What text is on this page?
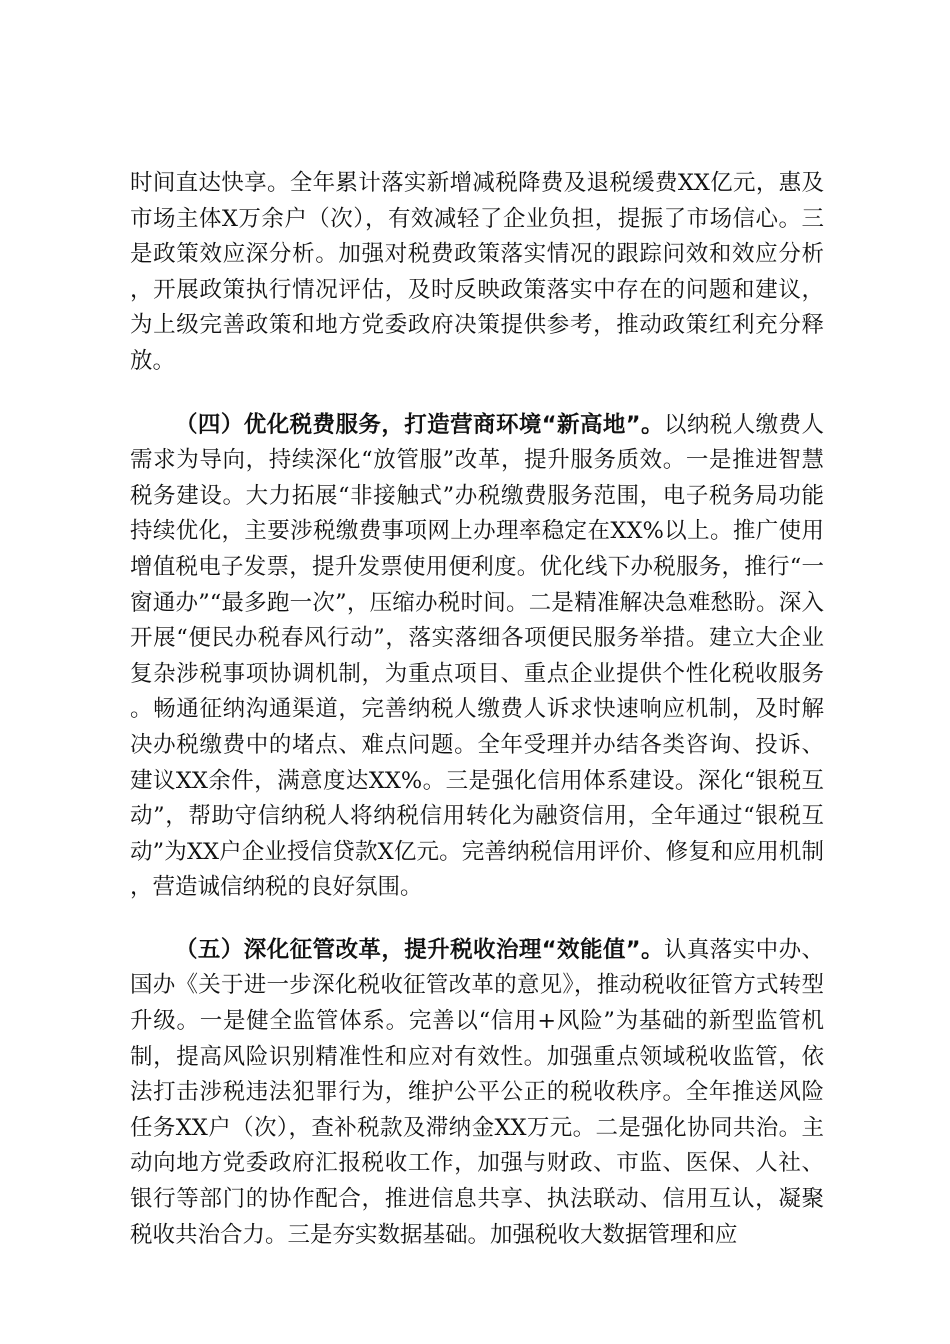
时间直达快享。全年累计落实新增减税降费及退税缓费XX亿元，惠及市场主体X万余户（次），有效减轻了企业负担，提振了市场信心。三是政策效应深分析。加强对税费政策落实情况的跟踪问效和效应分析，开展政策执行情况评估，及时反映政策落实中存在的问题和建议，为上级完善政策和地方党委政府决策提供参考，推动政策红利充分释放。

（四）优化税费服务，打造营商环境“新高地”。以纳税人缴费人需求为导向，持续深化“放管服”改革，提升服务质效。一是推进智慧税务建设。大力拓展“非接触式”办税缴费服务范围，电子税务局功能持续优化，主要涉税缴费事项网上办理率稳定在XX%以上。推广使用增值税电子发票，提升发票使用便利度。优化线下办税服务，推行“一窗通办”“最多跑一次”，压缩办税时间。二是精准解决急难愁盼。深入开展“便民办税春风行动”，落实落细各项便民服务举措。建立大企业复杂涉税事项协调机制，为重点项目、重点企业提供个性化税收服务。畅通征纳沟通渠道，完善纳税人缴费人诉求快速响应机制，及时解决办税缴费中的堵点、难点问题。全年受理并办结各类咨询、投诉、建议XX余件，满意度达XX%。三是强化信用体系建设。深化“银税互动”，帮助守信纳税人将纳税信用转化为融资信用，全年通过“银税互动”为XX户企业授信贷款X亿元。完善纳税信用评价、修复和应用机制，营造诚信纳税的良好氛围。

（五）深化征管改革，提升税收治理“效能值”。认真落实中办、国办《关于进一步深化税收征管改革的意见》，推动税收征管方式转型升级。一是健全监管体系。完善以“信用+风险”为基础的新型监管机制，提高风险识别精准性和应对有效性。加强重点领域税收监管，依法打击涉税违法犯罪行为，维护公平公正的税收秩序。全年推送风险任务XX户（次），查补税款及滞纳金XX万元。二是强化协同共治。主动向地方党委政府汇报税收工作，加强与财政、市监、医保、人社、银行等部门的协作配合，推进信息共享、执法联动、信用互认，凝聚税收共治合力。三是夯实数据基础。加强税收大数据管理和应
